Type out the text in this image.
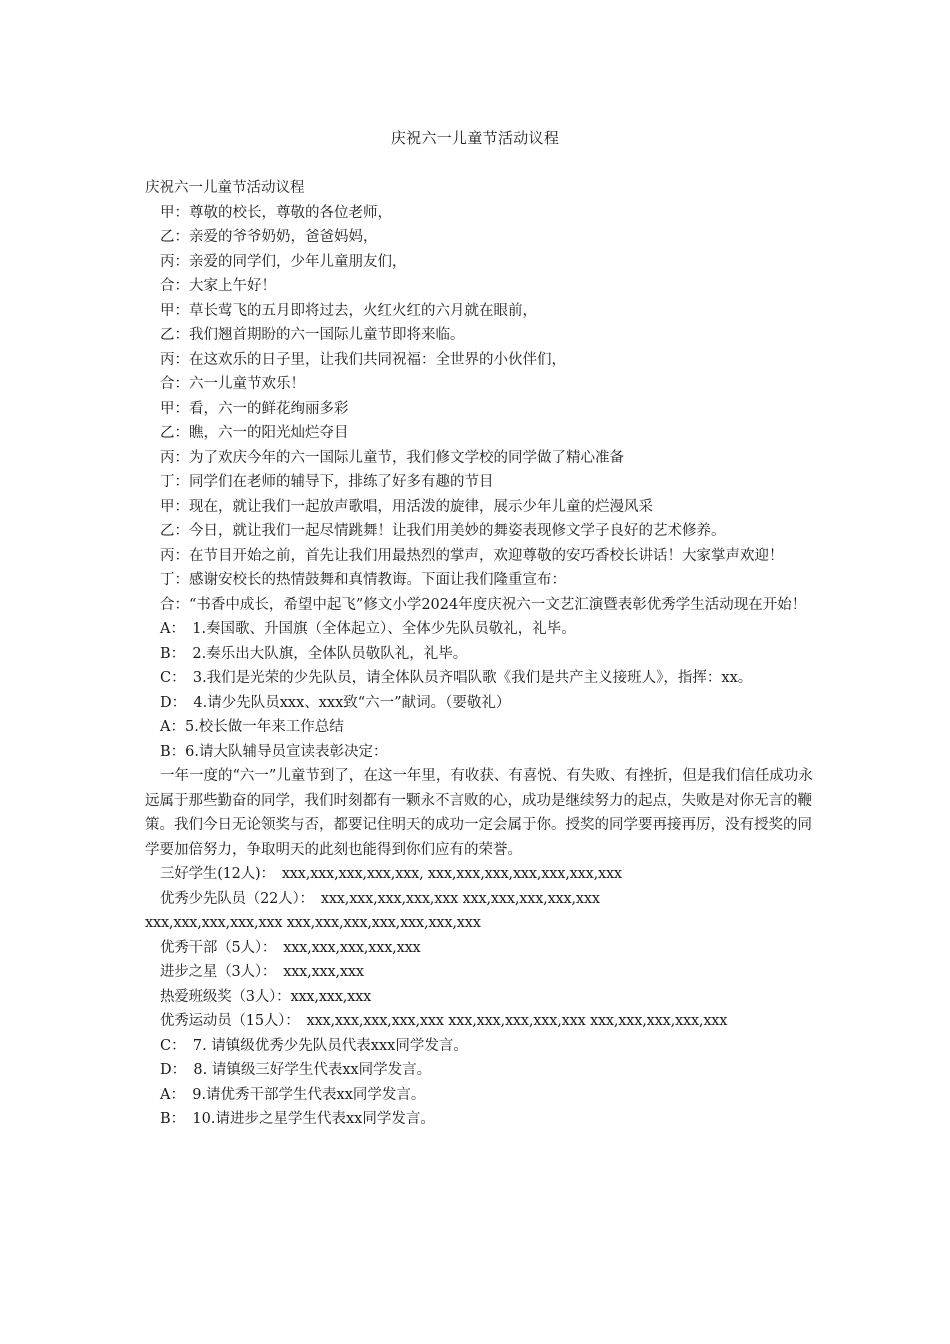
庆祝六一儿童节活动议程

庆祝六一儿童节活动议程

甲：尊敬的校长，尊敬的各位老师，

乙：亲爱的爷爷奶奶，爸爸妈妈，

丙：亲爱的同学们，少年儿童朋友们，

合：大家上午好！

甲：草长莺飞的五月即将过去，火红火红的六月就在眼前，

乙：我们翘首期盼的六一国际儿童节即将来临。

丙：在这欢乐的日子里，让我们共同祝福：全世界的小伙伴们，

合：六一儿童节欢乐！

甲：看，六一的鲜花绚丽多彩

乙：瞧，六一的阳光灿烂夺目

丙：为了欢庆今年的六一国际儿童节，我们修文学校的同学做了精心准备

丁：同学们在老师的辅导下，排练了好多有趣的节目

甲：现在，就让我们一起放声歌唱，用活泼的旋律，展示少年儿童的烂漫风采

乙：今日，就让我们一起尽情跳舞！让我们用美妙的舞姿表现修文学子良好的艺术修养。

丙：在节目开始之前，首先让我们用最热烈的掌声，欢迎尊敬的安巧香校长讲话！大家掌声欢迎！

丁：感谢安校长的热情鼓舞和真情教诲。下面让我们隆重宣布：

合：“书香中成长，希望中起飞”修文小学2024年度庆祝六一文艺汇演暨表彰优秀学生活动现在开始！

A：　1.奏国歌、升国旗（全体起立）、全体少先队员敬礼，礼毕。

B：　2.奏乐出大队旗，全体队员敬队礼，礼毕。

C：　3.我们是光荣的少先队员，请全体队员齐唱队歌《我们是共产主义接班人》，指挥：xx。

D：　4.请少先队员xxx、xxx致“六一”献词。（要敬礼）

A：5.校长做一年来工作总结

B：6.请大队辅导员宣读表彰决定：

一年一度的“六一”儿童节到了，在这一年里，有收获、有喜悦、有失败、有挫折，但是我们信任成功永远属于那些勤奋的同学，我们时刻都有一颗永不言败的心，成功是继续努力的起点，失败是对你无言的鞭策。我们今日无论领奖与否，都要记住明天的成功一定会属于你。授奖的同学要再接再厉，没有授奖的同学要加倍努力，争取明天的此刻也能得到你们应有的荣誉。

三好学生(12人)：　xxx,xxx,xxx,xxx,xxx, xxx,xxx,xxx,xxx,xxx,xxx,xxx

优秀少先队员（22人）：　xxx,xxx,xxx,xxx,xxx xxx,xxx,xxx,xxx,xxx

xxx,xxx,xxx,xxx,xxx xxx,xxx,xxx,xxx,xxx,xxx,xxx

优秀干部（5人）：　xxx,xxx,xxx,xxx,xxx

进步之星（3人）：　xxx,xxx,xxx

热爱班级奖（3人）：xxx,xxx,xxx

优秀运动员（15人）：　xxx,xxx,xxx,xxx,xxx xxx,xxx,xxx,xxx,xxx xxx,xxx,xxx,xxx,xxx

C：　7. 请镇级优秀少先队员代表xxx同学发言。

D：　8. 请镇级三好学生代表xx同学发言。

A：　9.请优秀干部学生代表xx同学发言。

B：　10.请进步之星学生代表xx同学发言。
